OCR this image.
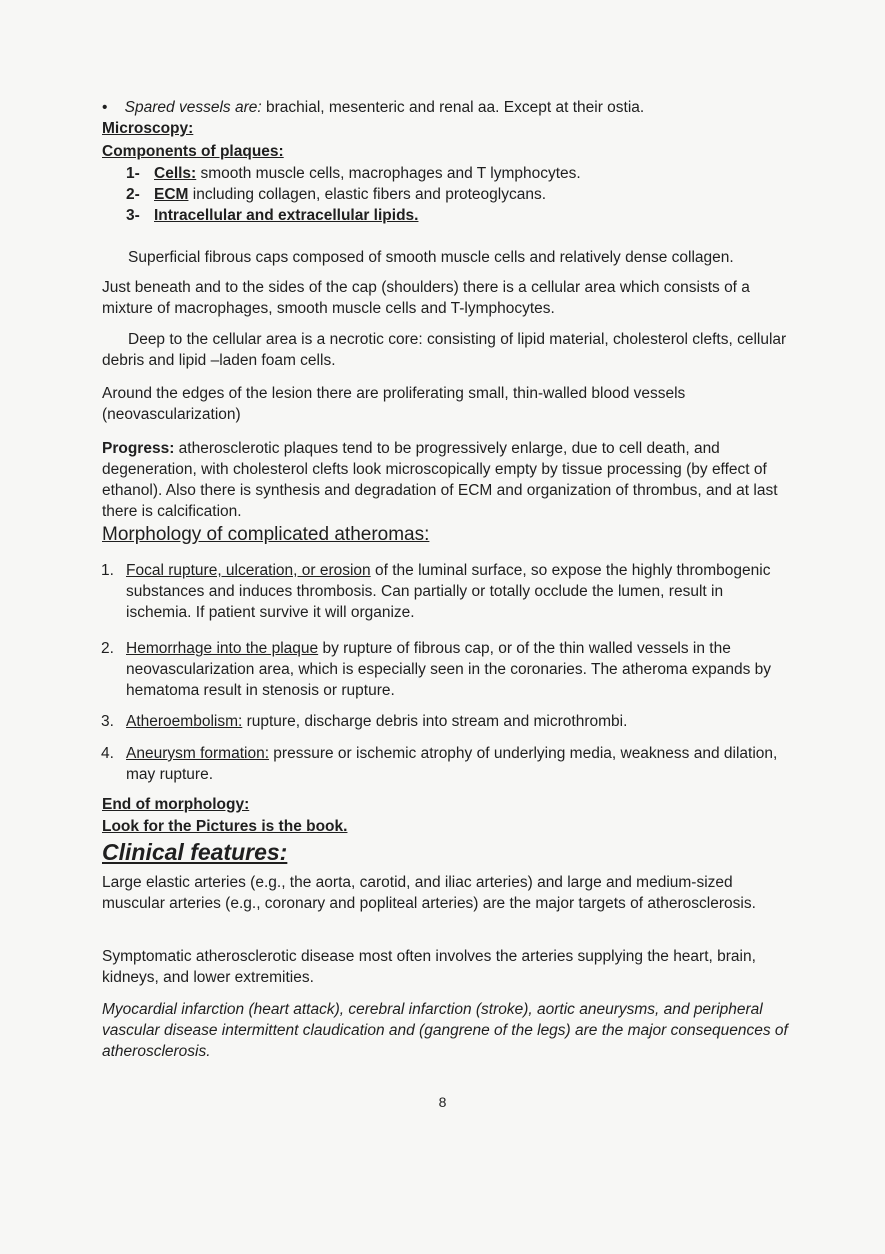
• Spared vessels are: brachial, mesenteric and renal aa. Except at their ostia.
Microscopy:
Components of plaques:
1- Cells: smooth muscle cells, macrophages and T lymphocytes.
2- ECM including collagen, elastic fibers and proteoglycans.
3- Intracellular and extracellular lipids.
Superficial fibrous caps composed of smooth muscle cells and relatively dense collagen.
Just beneath and to the sides of the cap (shoulders) there is a cellular area which consists of a mixture of macrophages, smooth muscle cells and T-lymphocytes.
Deep to the cellular area is a necrotic core: consisting of lipid material, cholesterol clefts, cellular debris and lipid –laden foam cells.
Around the edges of the lesion there are proliferating small, thin-walled blood vessels (neovascularization)
Progress: atherosclerotic plaques tend to be progressively enlarge, due to cell death, and degeneration, with cholesterol clefts look microscopically empty by tissue processing (by effect of ethanol). Also there is synthesis and degradation of ECM and organization of thrombus, and at last there is calcification.
Morphology of complicated atheromas:
1. Focal rupture, ulceration, or erosion of the luminal surface, so expose the highly thrombogenic substances and induces thrombosis. Can partially or totally occlude the lumen, result in ischemia. If patient survive it will organize.
2. Hemorrhage into the plaque by rupture of fibrous cap, or of the thin walled vessels in the neovascularization area, which is especially seen in the coronaries. The atheroma expands by hematoma result in stenosis or rupture.
3. Atheroembolism: rupture, discharge debris into stream and microthrombi.
4. Aneurysm formation: pressure or ischemic atrophy of underlying media, weakness and dilation, may rupture.
End of morphology:
Look for the Pictures is the book.
Clinical features:
Large elastic arteries (e.g., the aorta, carotid, and iliac arteries) and large and medium-sized muscular arteries (e.g., coronary and popliteal arteries) are the major targets of atherosclerosis.
Symptomatic atherosclerotic disease most often involves the arteries supplying the heart, brain, kidneys, and lower extremities.
Myocardial infarction (heart attack), cerebral infarction (stroke), aortic aneurysms, and peripheral vascular disease intermittent claudication and (gangrene of the legs) are the major consequences of atherosclerosis.
8
